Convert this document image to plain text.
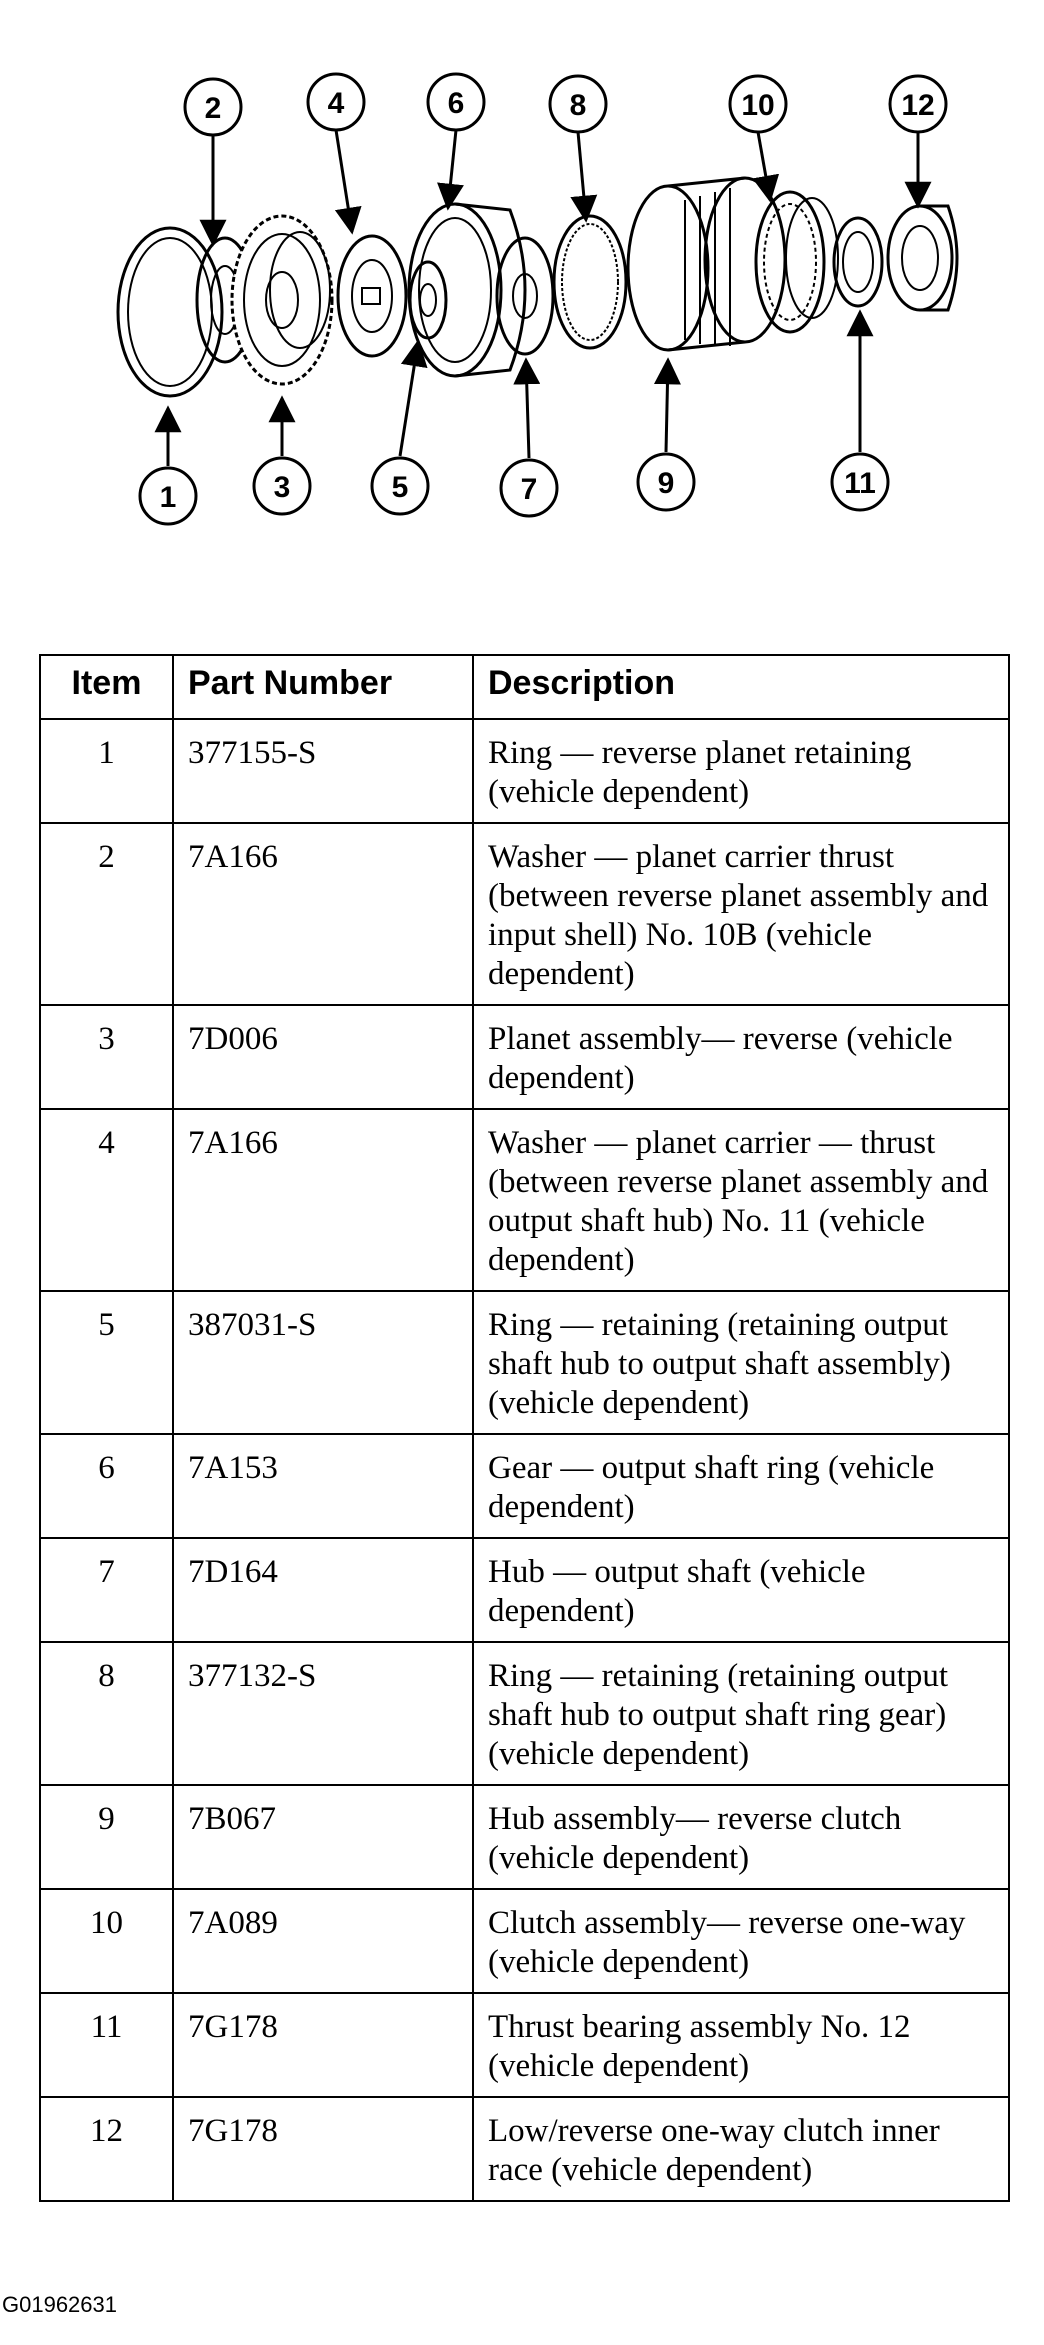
1
2
3
4
5
6
7
8
9
10
11
12
Item	Part Number	Description
1	377155-S	Ring — reverse planet retaining (vehicle dependent)
2	7A166	Washer — planet carrier thrust (between reverse planet assembly and input shell) No. 10B (vehicle dependent)
3	7D006	Planet assembly— reverse (vehicle dependent)
4	7A166	Washer — planet carrier — thrust (between reverse planet assembly and output shaft hub) No. 11 (vehicle dependent)
5	387031-S	Ring — retaining (retaining output shaft hub to output shaft assembly) (vehicle dependent)
6	7A153	Gear — output shaft ring (vehicle dependent)
7	7D164	Hub — output shaft (vehicle dependent)
8	377132-S	Ring — retaining (retaining output shaft hub to output shaft ring gear) (vehicle dependent)
9	7B067	Hub assembly— reverse clutch (vehicle dependent)
10	7A089	Clutch assembly— reverse one-way (vehicle dependent)
11	7G178	Thrust bearing assembly No. 12 (vehicle dependent)
12	7G178	Low/reverse one-way clutch inner race (vehicle dependent)
G01962631
